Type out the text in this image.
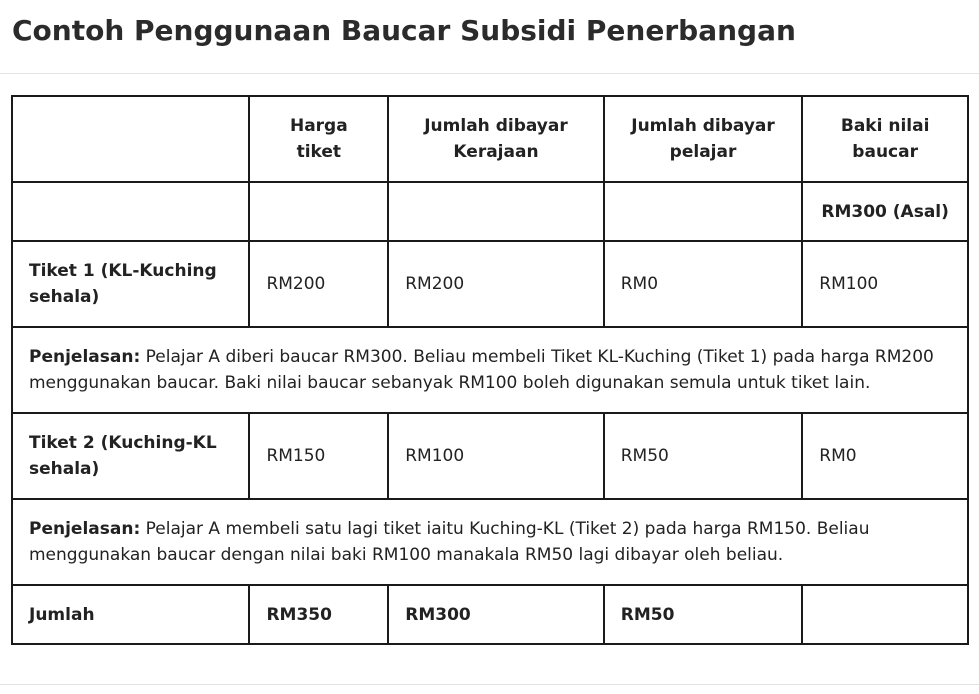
Contoh Penggunaan Baucar Subsidi Penerbangan
	Harga tiket	Jumlah dibayar Kerajaan	Jumlah dibayar pelajar	Baki nilai baucar
				RM300 (Asal)
Tiket 1 (KL-Kuching sehala)	RM200	RM200	RM0	RM100
Penjelasan: Pelajar A diberi baucar RM300. Beliau membeli Tiket KL-Kuching (Tiket 1) pada harga RM200 menggunakan baucar. Baki nilai baucar sebanyak RM100 boleh digunakan semula untuk tiket lain.				
Tiket 2 (Kuching-KL sehala)	RM150	RM100	RM50	RM0
Penjelasan: Pelajar A membeli satu lagi tiket iaitu Kuching-KL (Tiket 2) pada harga RM150. Beliau menggunakan baucar dengan nilai baki RM100 manakala RM50 lagi dibayar oleh beliau.				
Jumlah	RM350	RM300	RM50	
